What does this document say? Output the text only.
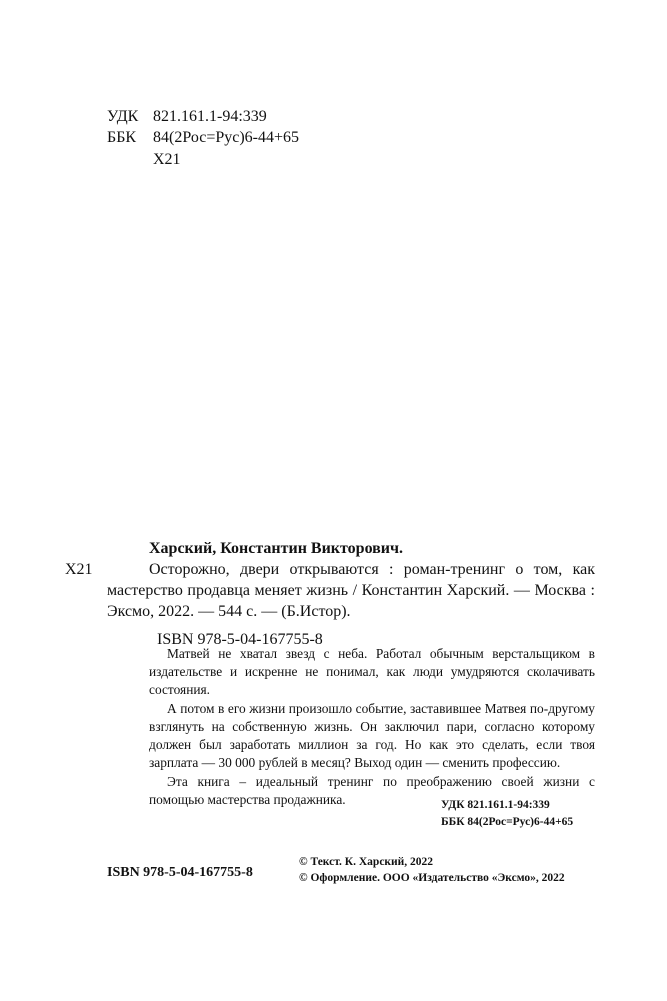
УДК 821.161.1-94:339
ББК 84(2Рос=Рус)6-44+65
Х21
Харский, Константин Викторович.

Х21	Осторожно, двери открываются : роман-тренинг о том, как мастерство продавца меняет жизнь / Константин Харский. — Москва : Эксмо, 2022. — 544 с. — (Б.Истор).

ISBN 978-5-04-167755-8

Матвей не хватал звезд с неба. Работал обычным верстальщиком в издательстве и искренне не понимал, как люди умудряются сколачивать состояния.

А потом в его жизни произошло событие, заставившее Матвея по-другому взглянуть на собственную жизнь. Он заключил пари, согласно которому должен был заработать миллион за год. Но как это сделать, если твоя зарплата — 30 000 рублей в месяц? Выход один — сменить профессию.

Эта книга – идеальный тренинг по преображению своей жизни с помощью мастерства продажника.	УДК 821.161.1-94:339
ББК 84(2Рос=Рус)6-44+65
ISBN 978-5-04-167755-8
© Текст. К. Харский, 2022
© Оформление. ООО «Издательство «Эксмо», 2022
